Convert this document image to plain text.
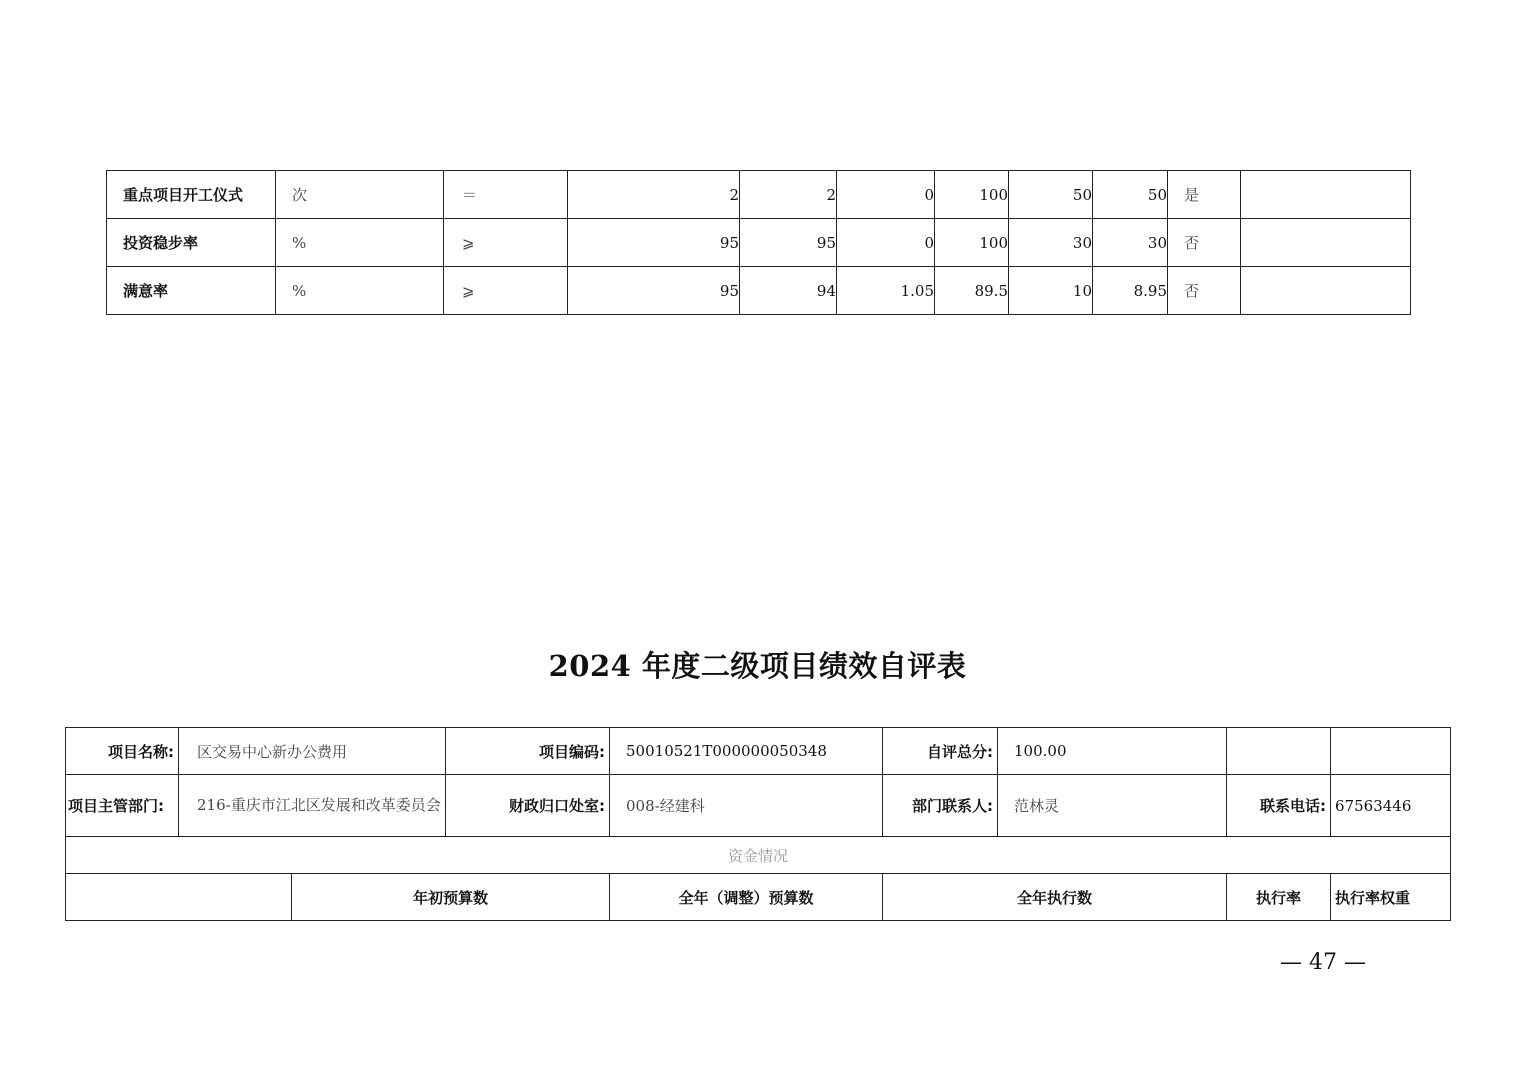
重点项目开工仪式	次	＝	2	2	0	100	50	50	是	
投资稳步率	%	⩾	95	95	0	100	30	30	否	
满意率	%	⩾	95	94	1.05	89.5	10	8.95	否	
2024 年度二级项目绩效自评表
项目名称:	区交易中心新办公费用		项目编码:	50010521T000000050348	自评总分:	100.00			
项目主管部门:	216-重庆市江北区发展和改革委员会		财政归口处室:	008-经建科	部门联系人:	范林灵	联系电话:	67563446	
资金情况									
		年初预算数		全年（调整）预算数	全年执行数		执行率	执行率权重	
— 47 —
